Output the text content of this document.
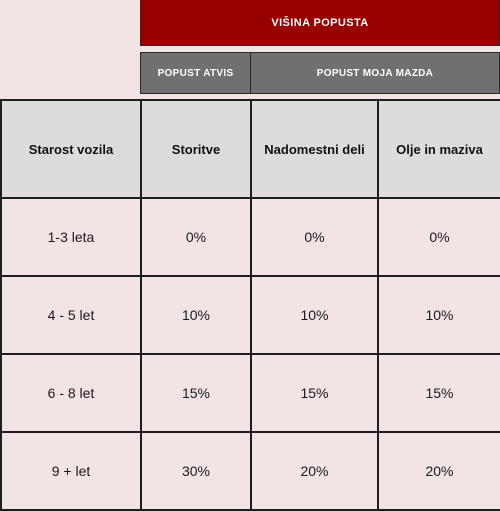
VIŠINA POPUSTA
POPUST ATVIS	POPUST MOJA MAZDA
Starost vozila	Storitve	Nadomestni deli	Olje in maziva
1-3 leta	0%	0%	0%
4 - 5 let	10%	10%	10%
6 - 8 let	15%	15%	15%
9 + let	30%	20%	20%
